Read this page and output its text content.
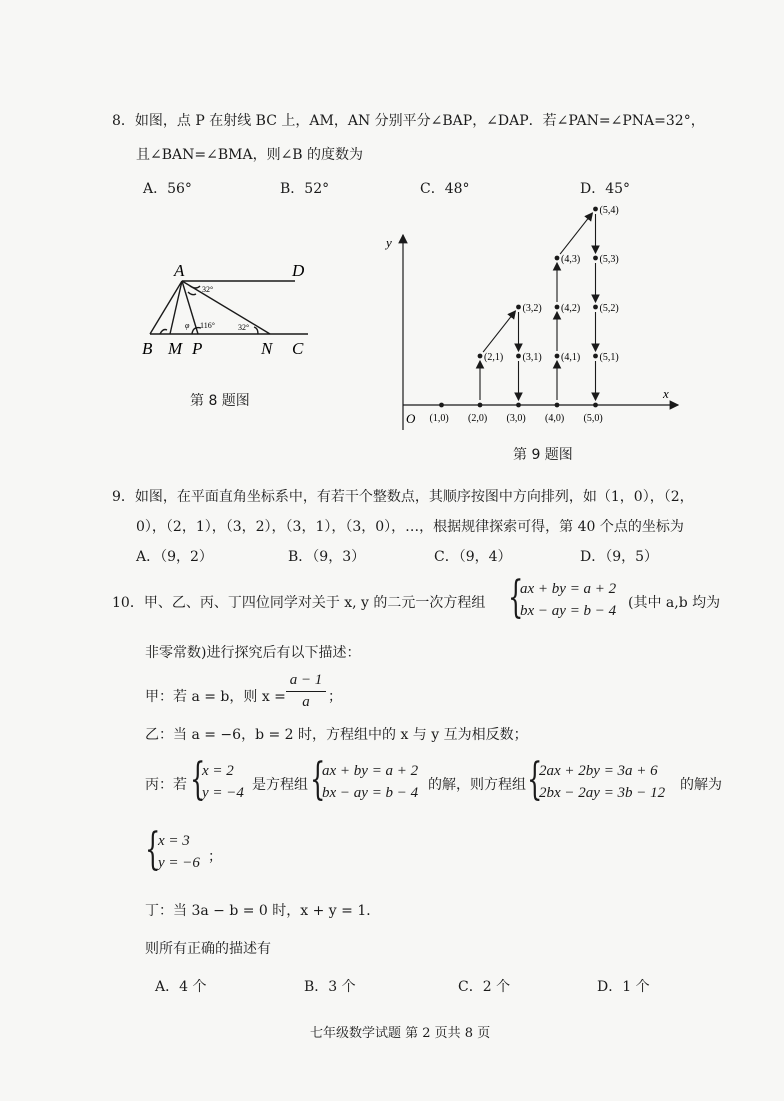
8．如图，点 P 在射线 BC 上，AM，AN 分别平分∠BAP，∠DAP．若∠PAN=∠PNA=32°，
且∠BAN=∠BMA，则∠B 的度数为
A．56°	B．52°	C．48°	D．45°
A	D
B M P	N C
32°
32°
116°
φ
第 8 题图	x
y
O (1,0) (2,0)
(2,1)
(3,2)
(3,1)
(3,0) (4,0)
(4,1)
(4,2)
(4,3)
(5,4)
(5,3)
(5,2)
(5,1)
(5,0)
第 9 题图
9．如图，在平面直角坐标系中，有若干个整数点，其顺序按图中方向排列，如（1，0），（2，
0），（2，1），（3，2），（3，1），（3，0），…，根据规律探索可得，第 40 个点的坐标为
A．（9，2）	B．（9，3）	C．（9，4）	D．（9，5）
10．甲、乙、丙、丁四位同学对关于 x, y 的二元一次方程组 {
ax + by = a + 2
bx − ay = b − 4 (其中 a,b 均为
非零常数)进行探究后有以下描述：
甲：若 a = b，则 x =
a − 1
a	；
乙：当 a = −6，b = 2 时，方程组中的 x 与 y 互为相反数；
丙：若 {
x = 2
y = −4 是方程组 {
ax + by = a + 2
bx − ay = b − 4 的解，则方程组 {
2ax + 2by = 3a + 6
2bx − 2ay = 3b − 12 的解为
{
x = 3
y = −6 ；
丁：当 3a − b = 0 时，x + y = 1．
则所有正确的描述有
A．4 个	B．3 个	C．2 个	D．1 个
七年级数学试题 第 2 页共 8 页
